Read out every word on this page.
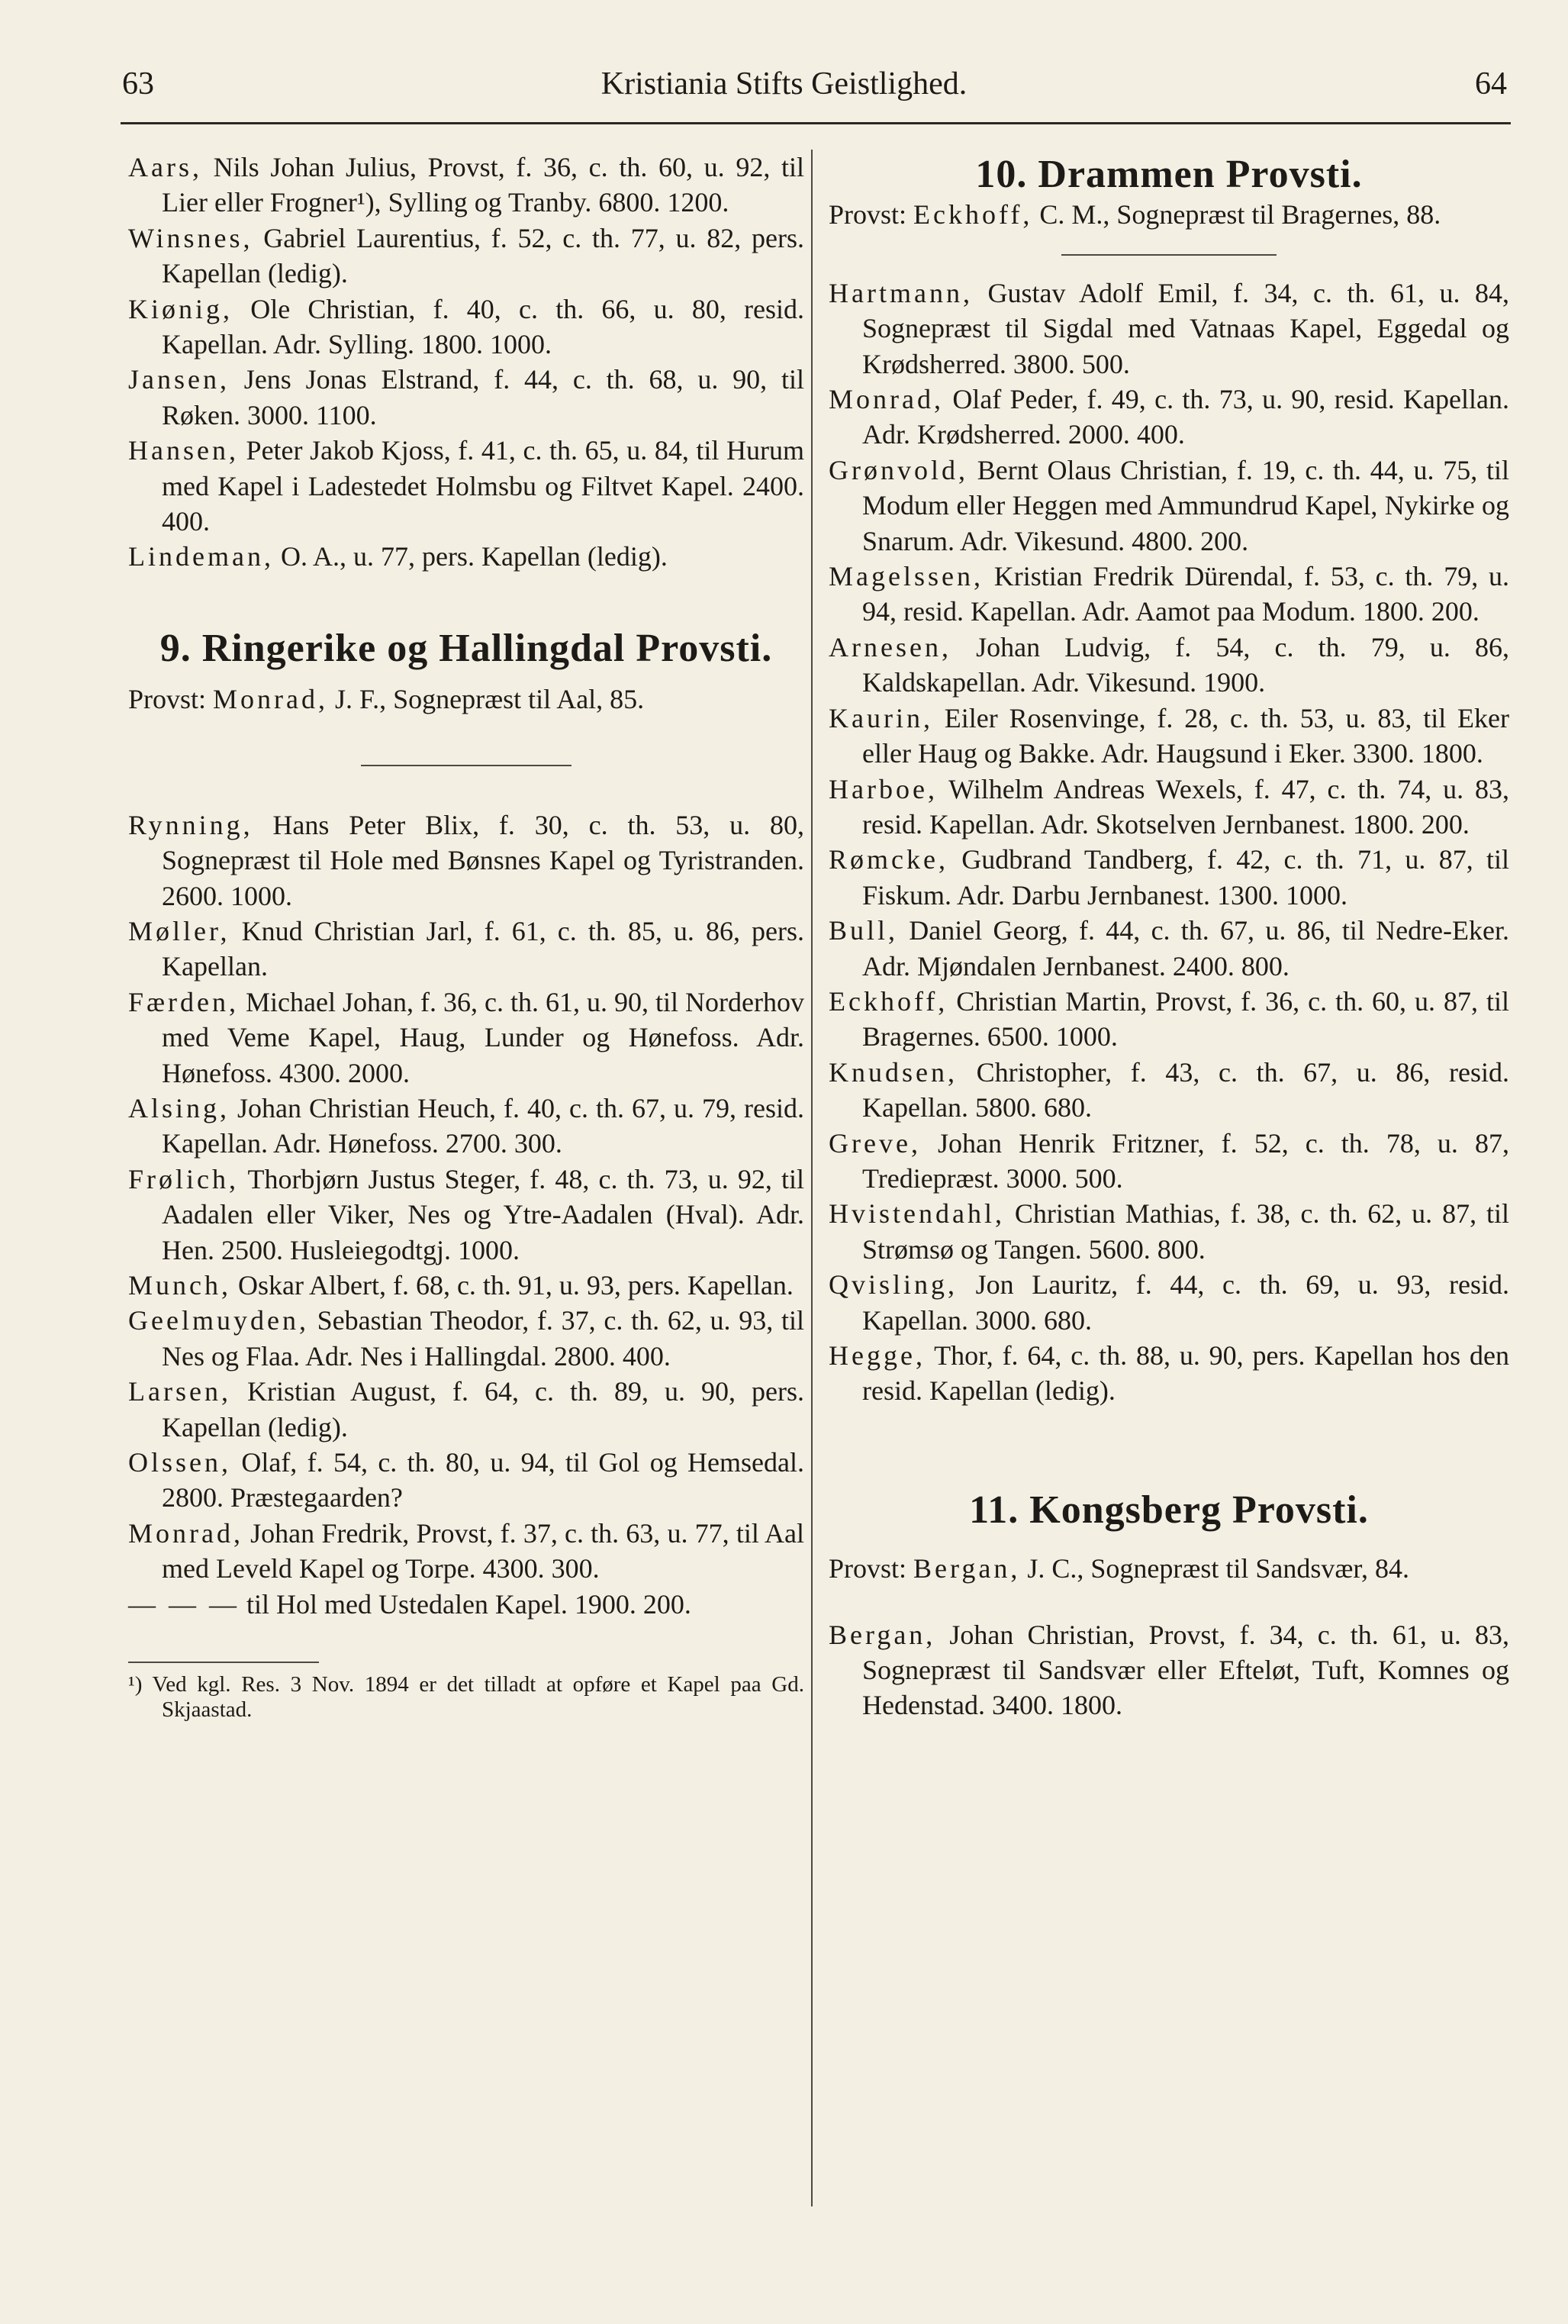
63	Kristiania Stifts Geistlighed.	64
Aars, Nils Johan Julius, Provst, f. 36, c. th. 60, u. 92, til Lier eller Frogner¹), Sylling og Tranby. 6800. 1200.
Winsnes, Gabriel Laurentius, f. 52, c. th. 77, u. 82, pers. Kapellan (ledig).
Kiønig, Ole Christian, f. 40, c. th. 66, u. 80, resid. Kapellan. Adr. Sylling. 1800. 1000.
Jansen, Jens Jonas Elstrand, f. 44, c. th. 68, u. 90, til Røken. 3000. 1100.
Hansen, Peter Jakob Kjoss, f. 41, c. th. 65, u. 84, til Hurum med Kapel i Ladestedet Holmsbu og Filtvet Kapel. 2400. 400.
Lindeman, O. A., u. 77, pers. Kapellan (ledig).
9. Ringerike og Hallingdal Provsti.
Provst: Monrad, J. F., Sognepræst til Aal, 85.
Rynning, Hans Peter Blix, f. 30, c. th. 53, u. 80, Sognepræst til Hole med Bønsnes Kapel og Tyristranden. 2600. 1000.
Møller, Knud Christian Jarl, f. 61, c. th. 85, u. 86, pers. Kapellan.
Færden, Michael Johan, f. 36, c. th. 61, u. 90, til Norderhov med Veme Kapel, Haug, Lunder og Hønefoss. Adr. Hønefoss. 4300. 2000.
Alsing, Johan Christian Heuch, f. 40, c. th. 67, u. 79, resid. Kapellan. Adr. Hønefoss. 2700. 300.
Frølich, Thorbjørn Justus Steger, f. 48, c. th. 73, u. 92, til Aadalen eller Viker, Nes og Ytre-Aadalen (Hval). Adr. Hen. 2500. Husleiegodtgj. 1000.
Munch, Oskar Albert, f. 68, c. th. 91, u. 93, pers. Kapellan.
Geelmuyden, Sebastian Theodor, f. 37, c. th. 62, u. 93, til Nes og Flaa. Adr. Nes i Hallingdal. 2800. 400.
Larsen, Kristian August, f. 64, c. th. 89, u. 90, pers. Kapellan (ledig).
Olssen, Olaf, f. 54, c. th. 80, u. 94, til Gol og Hemsedal. 2800. Præstegaarden?
Monrad, Johan Fredrik, Provst, f. 37, c. th. 63, u. 77, til Aal med Leveld Kapel og Torpe. 4300. 300.
— — — til Hol med Ustedalen Kapel. 1900. 200.
¹) Ved kgl. Res. 3 Nov. 1894 er det tilladt at opføre et Kapel paa Gd. Skjaastad.
10. Drammen Provsti.
Provst: Eckhoff, C. M., Sognepræst til Bragernes, 88.
Hartmann, Gustav Adolf Emil, f. 34, c. th. 61, u. 84, Sognepræst til Sigdal med Vatnaas Kapel, Eggedal og Krødsherred. 3800. 500.
Monrad, Olaf Peder, f. 49, c. th. 73, u. 90, resid. Kapellan. Adr. Krødsherred. 2000. 400.
Grønvold, Bernt Olaus Christian, f. 19, c. th. 44, u. 75, til Modum eller Heggen med Ammundrud Kapel, Nykirke og Snarum. Adr. Vikesund. 4800. 200.
Magelssen, Kristian Fredrik Dürendal, f. 53, c. th. 79, u. 94, resid. Kapellan. Adr. Aamot paa Modum. 1800. 200.
Arnesen, Johan Ludvig, f. 54, c. th. 79, u. 86, Kaldskapellan. Adr. Vikesund. 1900.
Kaurin, Eiler Rosenvinge, f. 28, c. th. 53, u. 83, til Eker eller Haug og Bakke. Adr. Haugsund i Eker. 3300. 1800.
Harboe, Wilhelm Andreas Wexels, f. 47, c. th. 74, u. 83, resid. Kapellan. Adr. Skotselven Jernbanest. 1800. 200.
Rømcke, Gudbrand Tandberg, f. 42, c. th. 71, u. 87, til Fiskum. Adr. Darbu Jernbanest. 1300. 1000.
Bull, Daniel Georg, f. 44, c. th. 67, u. 86, til Nedre-Eker. Adr. Mjøndalen Jernbanest. 2400. 800.
Eckhoff, Christian Martin, Provst, f. 36, c. th. 60, u. 87, til Bragernes. 6500. 1000.
Knudsen, Christopher, f. 43, c. th. 67, u. 86, resid. Kapellan. 5800. 680.
Greve, Johan Henrik Fritzner, f. 52, c. th. 78, u. 87, Trediepræst. 3000. 500.
Hvistendahl, Christian Mathias, f. 38, c. th. 62, u. 87, til Strømsø og Tangen. 5600. 800.
Qvisling, Jon Lauritz, f. 44, c. th. 69, u. 93, resid. Kapellan. 3000. 680.
Hegge, Thor, f. 64, c. th. 88, u. 90, pers. Kapellan hos den resid. Kapellan (ledig).
11. Kongsberg Provsti.
Provst: Bergan, J. C., Sognepræst til Sandsvær, 84.
Bergan, Johan Christian, Provst, f. 34, c. th. 61, u. 83, Sognepræst til Sandsvær eller Efteløt, Tuft, Komnes og Hedenstad. 3400. 1800.
